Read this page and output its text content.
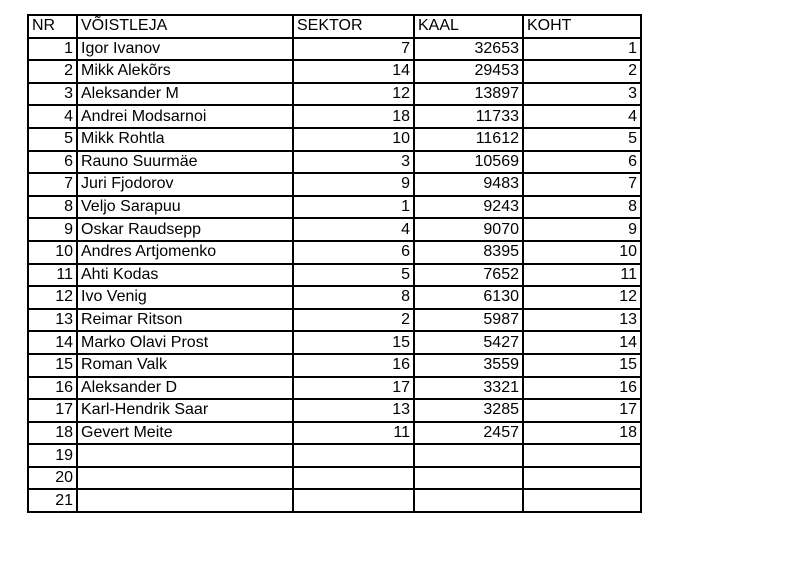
NR	VÕISTLEJA	SEKTOR	KAAL	KOHT
1	Igor Ivanov	7	32653	1
2	Mikk Alekõrs	14	29453	2
3	Aleksander M	12	13897	3
4	Andrei Modsarnoi	18	11733	4
5	Mikk Rohtla	10	11612	5
6	Rauno Suurmäe	3	10569	6
7	Juri Fjodorov	9	9483	7
8	Veljo Sarapuu	1	9243	8
9	Oskar Raudsepp	4	9070	9
10	Andres Artjomenko	6	8395	10
11	Ahti Kodas	5	7652	11
12	Ivo Venig	8	6130	12
13	Reimar Ritson	2	5987	13
14	Marko Olavi Prost	15	5427	14
15	Roman Valk	16	3559	15
16	Aleksander D	17	3321	16
17	Karl-Hendrik Saar	13	3285	17
18	Gevert Meite	11	2457	18
19				
20				
21				
